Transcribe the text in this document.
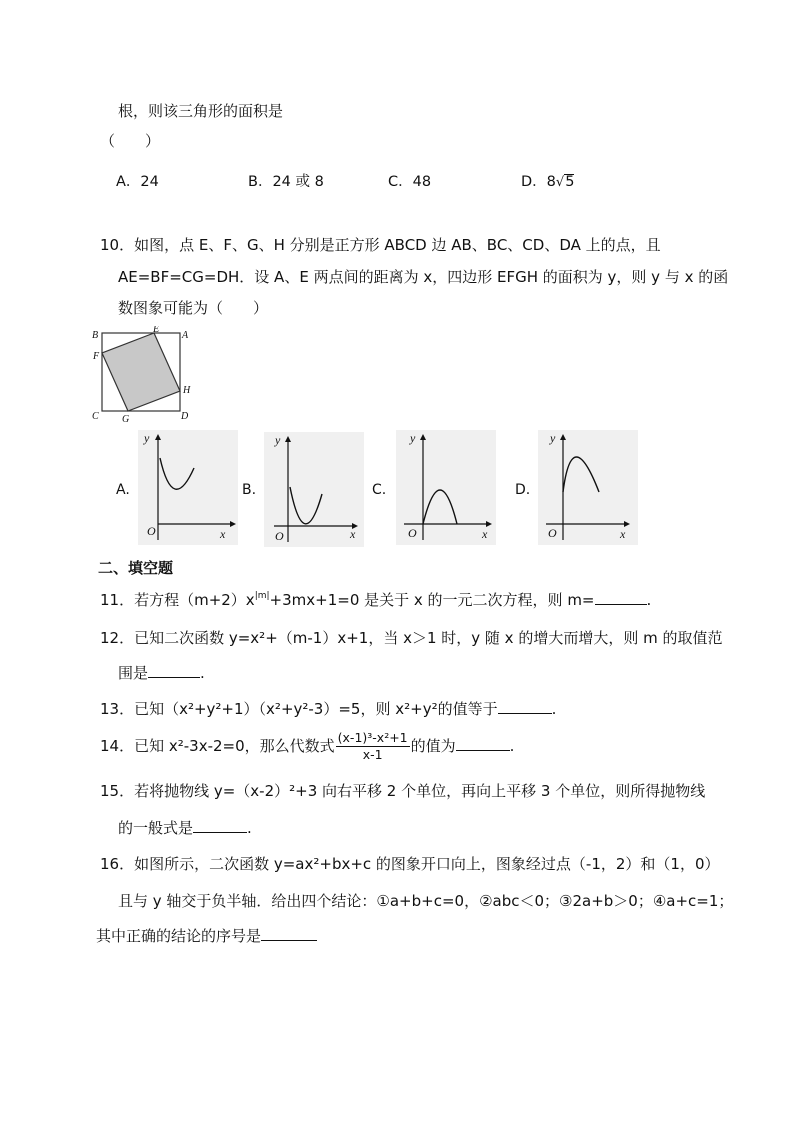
根，则该三角形的面积是
（　　）
A．24	B．24 或 8	C．48	D．8√5
10．如图，点 E、F、G、H 分别是正方形 ABCD 边 AB、BC、CD、DA 上的点，且
AE=BF=CG=DH．设 A、E 两点间的距离为 x，四边形 EFGH 的面积为 y，则 y 与 x 的函
数图象可能为（　　）
B
E
A
F
H
C G	D
A.
y
x
O
B.
y
x
O
C.
y
x
O
D.
y
x
O
二、填空题
11．若方程$(m+2)x^{|m|}+3mx+1=0$ 是关于 x 的一元二次方程，则 m=	.
12．已知二次函数 y=x²+（m-1）x+1，当 x＞1 时，y 随 x 的增大而增大，则 m 的取值范
围是	.
13．已知（x²+y²+1）（x²+y²-3）=5，则 x²+y²的值等于	.
14．已知 x²-3x-2=0，那么代数式 $\frac{\text{(x-1)³-x²+1}}{x-1}$ 的值为	.
15．若将抛物线 y=（x-2）²+3 向右平移 2 个单位，再向上平移 3 个单位，则所得抛物线
的一般式是	.
16．如图所示，二次函数 y=ax²+bx+c 的图象开口向上，图象经过点（-1，2）和（1，0）
且与 y 轴交于负半轴．给出四个结论：①a+b+c=0，②abc＜0；③2a+b＞0；④a+c=1；
其中正确的结论的序号是
